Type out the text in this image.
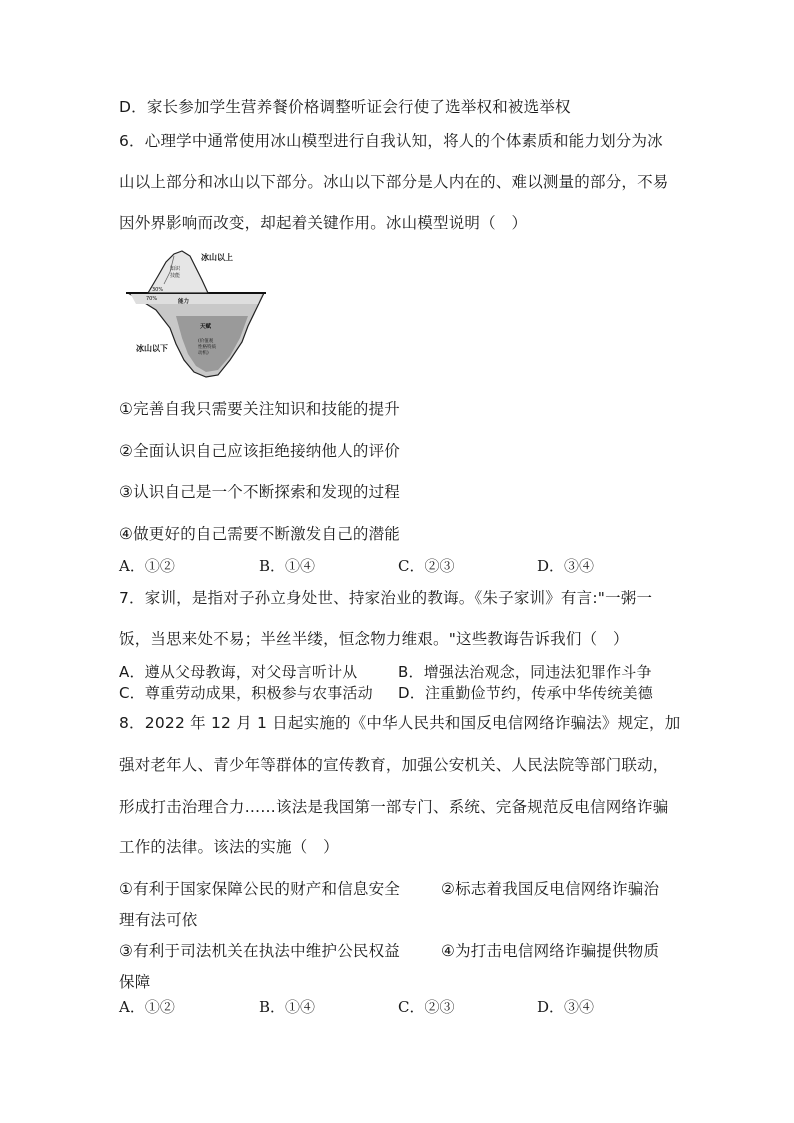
D．家长参加学生营养餐价格调整听证会行使了选举权和被选举权
6．心理学中通常使用冰山模型进行自我认知，将人的个体素质和能力划分为冰
山以上部分和冰山以下部分。冰山以下部分是人内在的、难以测量的部分，不易
因外界影响而改变，却起着关键作用。冰山模型说明（　）
冰山以上
知识
技能
30%
70%	能力
天赋
(价值观
性格特质
动机)
冰山以下
①完善自我只需要关注知识和技能的提升
②全面认识自己应该拒绝接纳他人的评价
③认识自己是一个不断探索和发现的过程
④做更好的自己需要不断激发自己的潜能
A．①②	B．①④	C．②③	D．③④
7．家训，是指对子孙立身处世、持家治业的教诲。《朱子家训》有言:"一粥一
饭，当思来处不易；半丝半缕，恒念物力维艰。"这些教诲告诉我们（　）
A．遵从父母教诲，对父母言听计从	B．增强法治观念，同违法犯罪作斗争
C．尊重劳动成果，积极参与农事活动 D．注重勤俭节约，传承中华传统美德
8．2022 年 12 月 1 日起实施的《中华人民共和国反电信网络诈骗法》规定，加
强对老年人、青少年等群体的宣传教育，加强公安机关、人民法院等部门联动，
形成打击治理合力……该法是我国第一部专门、系统、完备规范反电信网络诈骗
工作的法律。该法的实施（　）
①有利于国家保障公民的财产和信息安全	②标志着我国反电信网络诈骗治
理有法可依
③有利于司法机关在执法中维护公民权益	④为打击电信网络诈骗提供物质
保障
A．①②	B．①④	C．②③	D．③④
